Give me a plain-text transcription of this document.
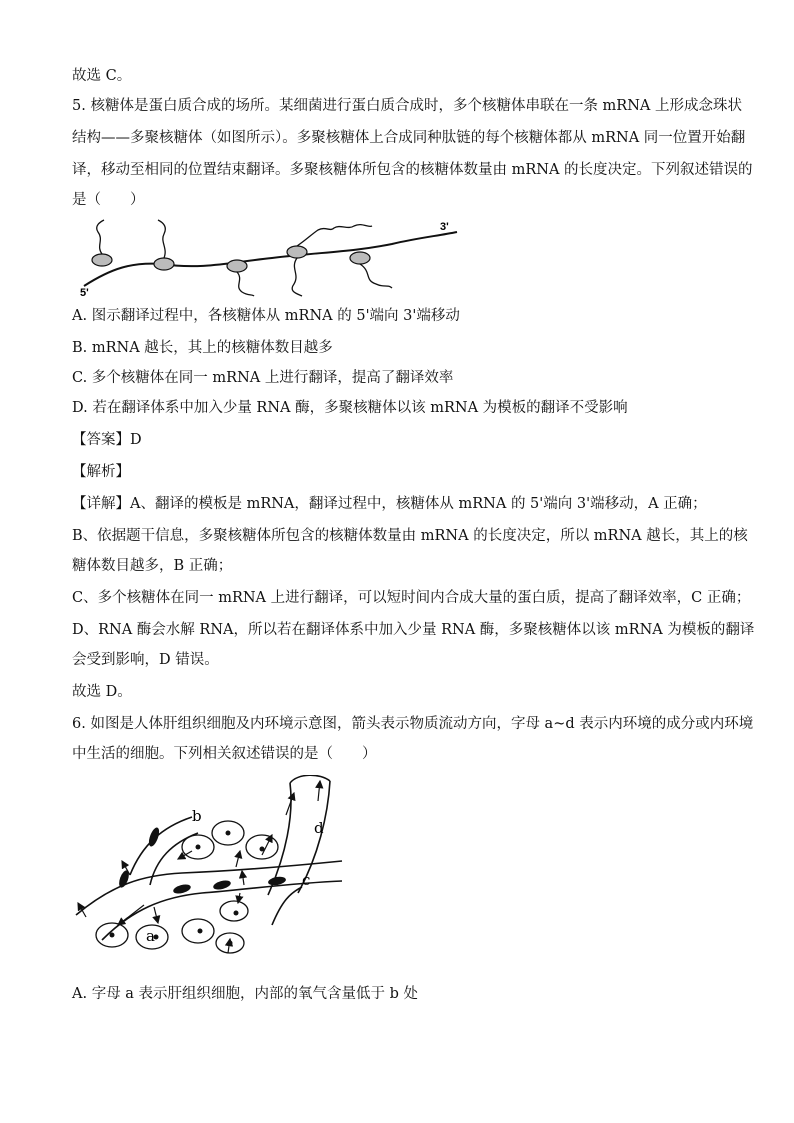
故选 C。
5. 核糖体是蛋白质合成的场所。某细菌进行蛋白质合成时，多个核糖体串联在一条 mRNA 上形成念珠状
结构——多聚核糖体（如图所示）。多聚核糖体上合成同种肽链的每个核糖体都从 mRNA 同一位置开始翻
译，移动至相同的位置结束翻译。多聚核糖体所包含的核糖体数量由 mRNA 的长度决定。下列叙述错误的
是（　　）
5'
3'
A. 图示翻译过程中，各核糖体从 mRNA 的 5'端向 3'端移动
B. mRNA 越长，其上的核糖体数目越多
C. 多个核糖体在同一 mRNA 上进行翻译，提高了翻译效率
D. 若在翻译体系中加入少量 RNA 酶，多聚核糖体以该 mRNA 为模板的翻译不受影响
【答案】D
【解析】
【详解】A、翻译的模板是 mRNA，翻译过程中，核糖体从 mRNA 的 5'端向 3'端移动，A 正确；
B、依据题干信息，多聚核糖体所包含的核糖体数量由 mRNA 的长度决定，所以 mRNA 越长，其上的核
糖体数目越多，B 正确；
C、多个核糖体在同一 mRNA 上进行翻译，可以短时间内合成大量的蛋白质，提高了翻译效率，C 正确；
D、RNA 酶会水解 RNA，所以若在翻译体系中加入少量 RNA 酶，多聚核糖体以该 mRNA 为模板的翻译
会受到影响，D 错误。
故选 D。
6. 如图是人体肝组织细胞及内环境示意图，箭头表示物质流动方向，字母 a~d 表示内环境的成分或内环境
中生活的细胞。下列相关叙述错误的是（　　）
b
d
c
a
A. 字母 a 表示肝组织细胞，内部的氧气含量低于 b 处
